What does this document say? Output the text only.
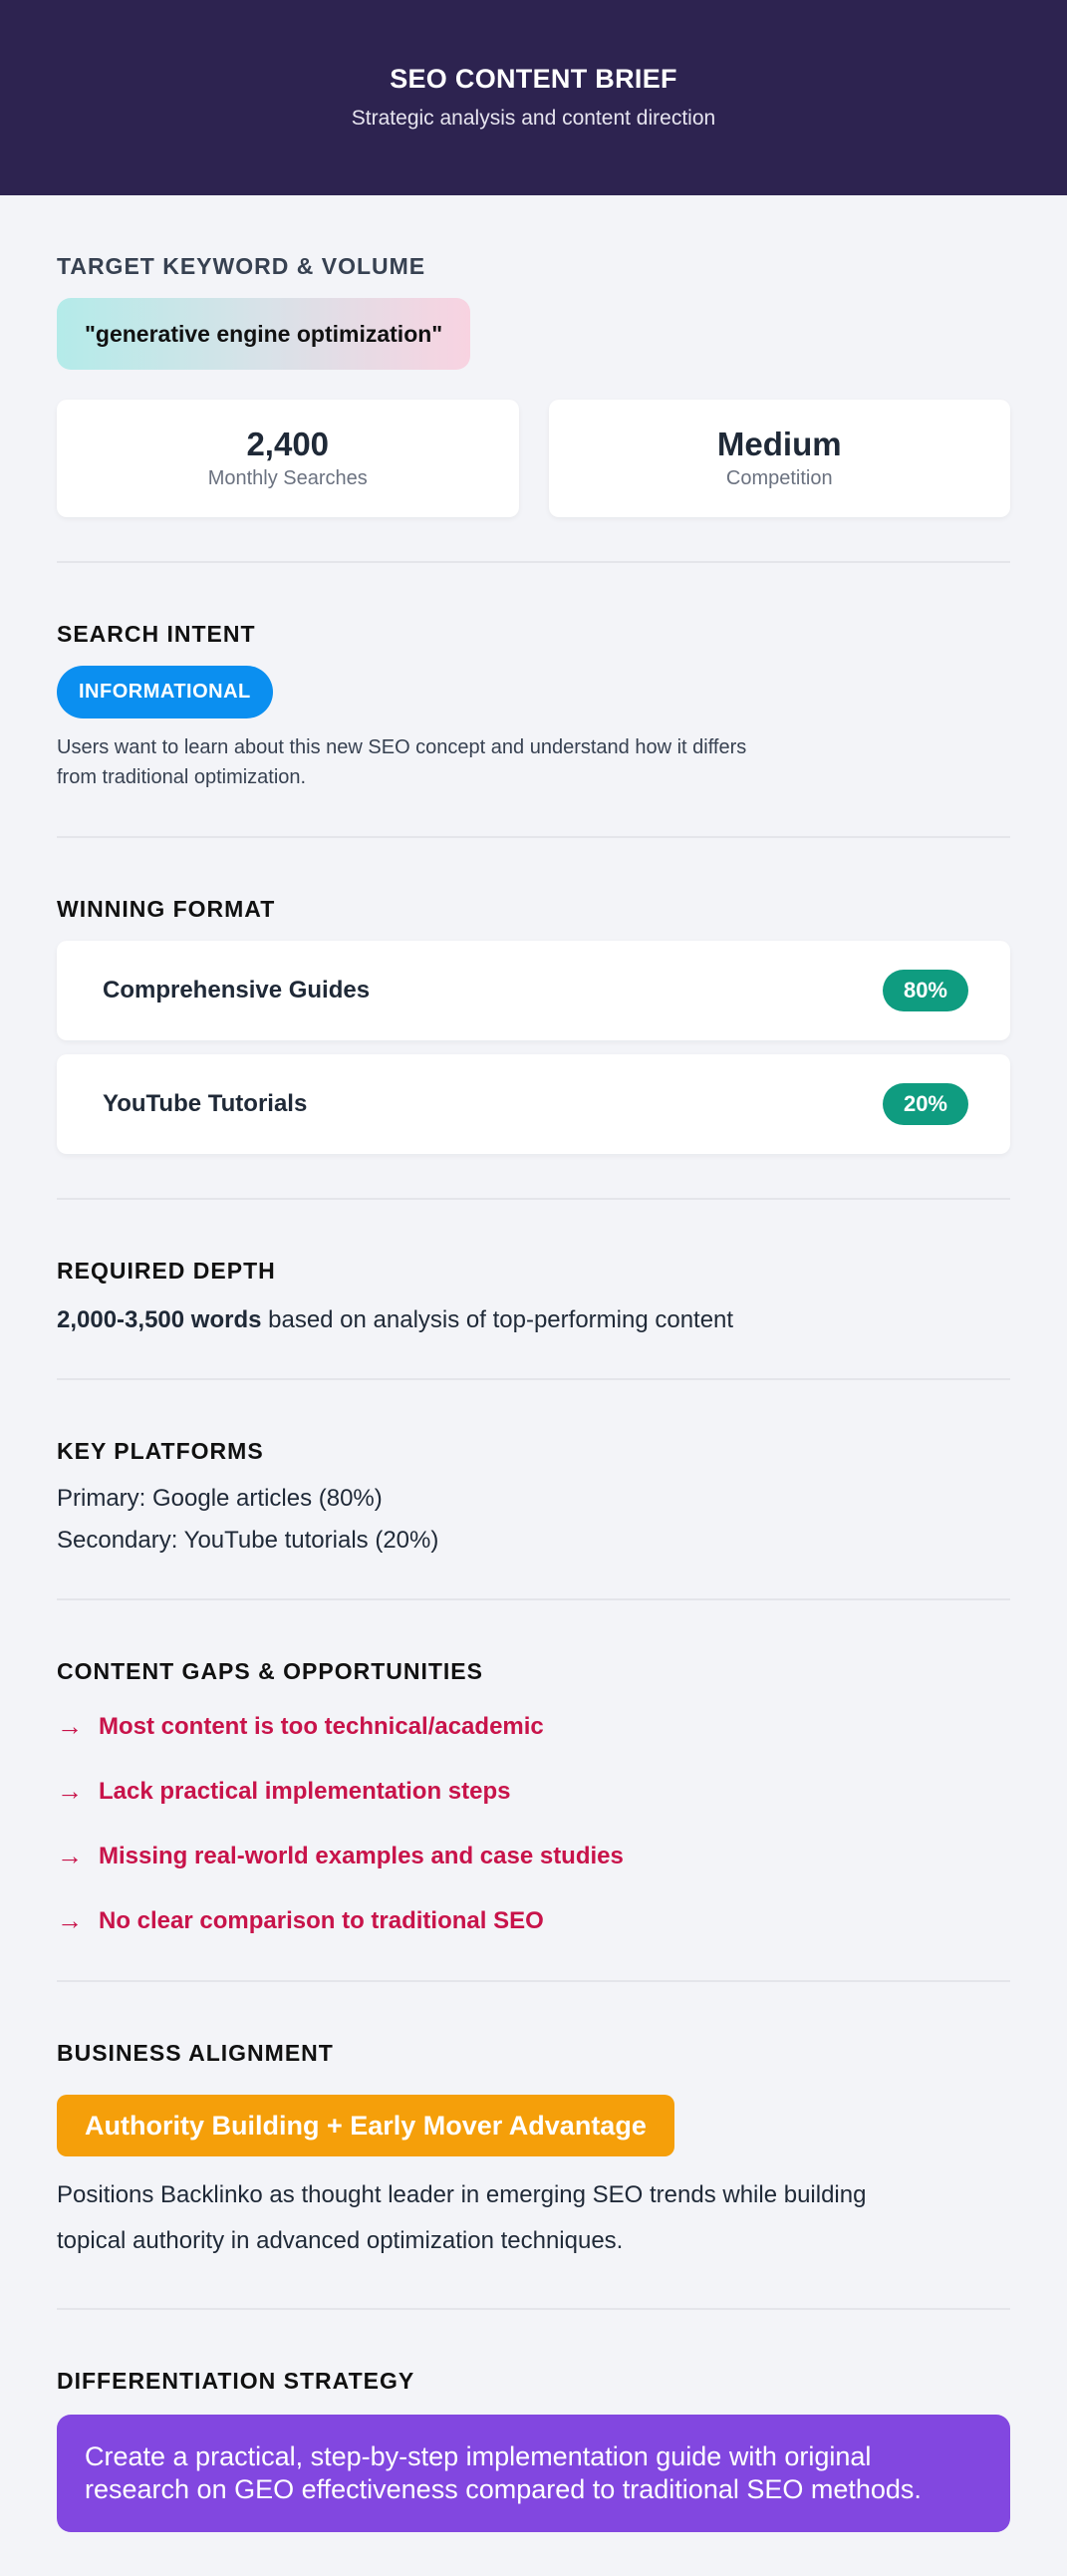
SEO CONTENT BRIEF
Strategic analysis and content direction
TARGET KEYWORD & VOLUME
"generative engine optimization"
2,400
Monthly Searches
Medium
Competition
SEARCH INTENT
INFORMATIONAL

Users want to learn about this new SEO concept and understand how it differs from traditional optimization.

WINNING FORMAT
Comprehensive Guides	80%
YouTube Tutorials	20%
REQUIRED DEPTH

2,000-3,500 words based on analysis of top-performing content

KEY PLATFORMS

Primary: Google articles (80%)

Secondary: YouTube tutorials (20%)

CONTENT GAPS & OPPORTUNITIES
→ Most content is too technical/academic
→ Lack practical implementation steps
→ Missing real-world examples and case studies
→ No clear comparison to traditional SEO
BUSINESS ALIGNMENT
Authority Building + Early Mover Advantage

Positions Backlinko as thought leader in emerging SEO trends while building topical authority in advanced optimization techniques.

DIFFERENTIATION STRATEGY
Create a practical, step-by-step implementation guide with original research on GEO effectiveness compared to traditional SEO methods.
